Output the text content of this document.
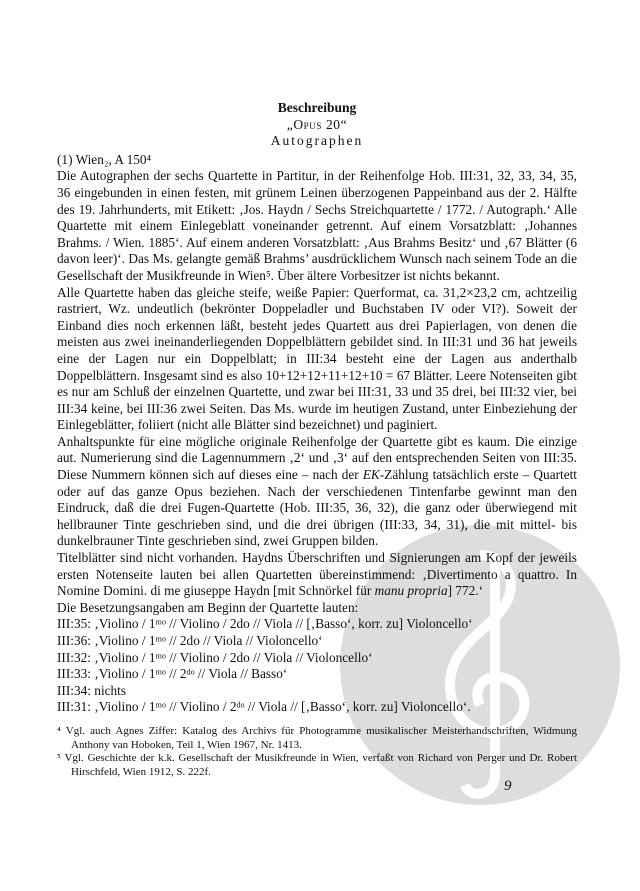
Beschreibung
„Opus 20“
Autographen

(1) Wien₂, A 150⁴

Die Autographen der sechs Quartette in Partitur, in der Reihenfolge Hob. III:31, 32, 33, 34, 35, 36 eingebunden in einen festen, mit grünem Leinen überzogenen Pappeinband aus der 2. Hälfte des 19. Jahrhunderts, mit Etikett: ‚Jos. Haydn / Sechs Streichquartette / 1772. / Autograph.‘ Alle Quartette mit einem Einlegeblatt voneinander getrennt. Auf einem Vorsatzblatt: ‚Johannes Brahms. / Wien. 1885‘. Auf einem anderen Vorsatzblatt: ‚Aus Brahms Besitz‘ und ‚67 Blätter (6 davon leer)‘. Das Ms. gelangte gemäß Brahms’ ausdrücklichem Wunsch nach seinem Tode an die Gesellschaft der Musikfreunde in Wien⁵. Über ältere Vorbesitzer ist nichts bekannt.

Alle Quartette haben das gleiche steife, weiße Papier: Querformat, ca. 31,2×23,2 cm, achtzeilig rastriert, Wz. undeutlich (bekrönter Doppeladler und Buchstaben IV oder VI?). Soweit der Einband dies noch erkennen läßt, besteht jedes Quartett aus drei Papierlagen, von denen die meisten aus zwei ineinanderliegenden Doppelblättern gebildet sind. In III:31 und 36 hat jeweils eine der Lagen nur ein Doppelblatt; in III:34 besteht eine der Lagen aus anderthalb Doppelblättern. Insgesamt sind es also 10+12+12+11+12+10 = 67 Blätter. Leere Notenseiten gibt es nur am Schluß der einzelnen Quartette, und zwar bei III:31, 33 und 35 drei, bei III:32 vier, bei III:34 keine, bei III:36 zwei Seiten. Das Ms. wurde im heutigen Zustand, unter Einbeziehung der Einlegeblätter, foliiert (nicht alle Blätter sind bezeichnet) und paginiert.

Anhaltspunkte für eine mögliche originale Reihenfolge der Quartette gibt es kaum. Die einzige aut. Numerierung sind die Lagennummern ‚2‘ und ‚3‘ auf den entsprechenden Seiten von III:35. Diese Nummern können sich auf dieses eine – nach der EK-Zählung tatsächlich erste – Quartett oder auf das ganze Opus beziehen. Nach der verschiedenen Tintenfarbe gewinnt man den Eindruck, daß die drei Fugen-Quartette (Hob. III:35, 36, 32), die ganz oder überwiegend mit hellbrauner Tinte geschrieben sind, und die drei übrigen (III:33, 34, 31), die mit mittel- bis dunkelbrauner Tinte geschrieben sind, zwei Gruppen bilden.

Titelblätter sind nicht vorhanden. Haydns Überschriften und Signierungen am Kopf der jeweils ersten Notenseite lauten bei allen Quartetten übereinstimmend: ‚Divertimento a quattro. In Nomine Domini. di me giuseppe Haydn [mit Schnörkel für manu propria] 772.‘

Die Besetzungsangaben am Beginn der Quartette lauten:

III:35: ‚Violino / 1ᵐᵒ // Violino / 2do // Viola // [‚Basso‘, korr. zu] Violoncello‘

III:36: ‚Violino / 1ᵐᵒ // 2do // Viola // Violoncello‘

III:32: ‚Violino / 1ᵐᵒ // Violino / 2do // Viola // Violoncello‘

III:33: ‚Violino / 1ᵐᵒ // 2ᵈᵒ // Viola // Basso‘

III:34: nichts

III:31: ‚Violino / 1ᵐᵒ // Violino / 2ᵈᵒ // Viola // [‚Basso‘, korr. zu] Violoncello‘.

⁴ Vgl. auch Agnes Ziffer: Katalog des Archivs für Photogramme musikalischer Meisterhandschriften, Widmung Anthony van Hoboken, Teil 1, Wien 1967, Nr. 1413.

⁵ Vgl. Geschichte der k.k. Gesellschaft der Musikfreunde in Wien, verfaßt von Richard von Perger und Dr. Robert Hirschfeld, Wien 1912, S. 222f.

9
